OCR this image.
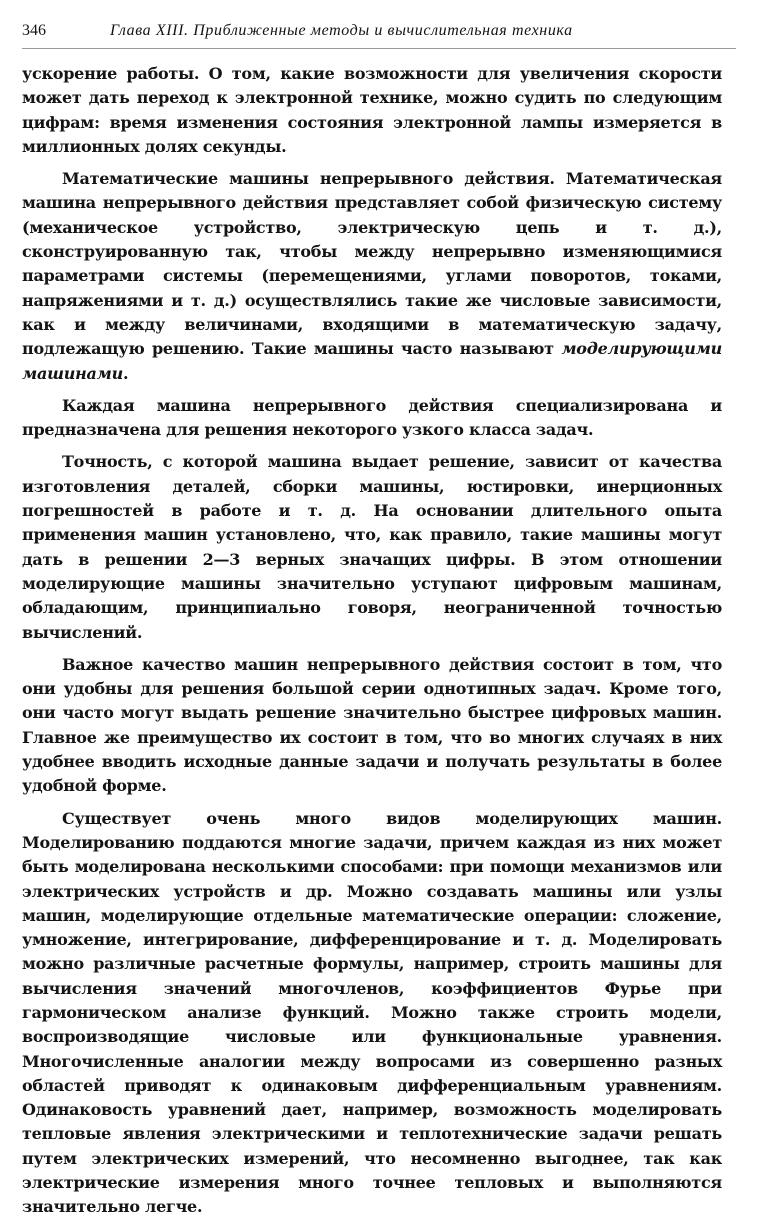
346	Глава XIII. Приближенные методы и вычислительная техника

ускорение работы. О том, какие возможности для увеличения скорости может дать переход к электронной технике, можно судить по следующим цифрам: время изменения состояния электронной лампы измеряется в миллионных долях секунды.

Математические машины непрерывного действия. Математическая машина непрерывного действия представляет собой физическую систему (механическое устройство, электрическую цепь и т. д.), сконструированную так, чтобы между непрерывно изменяющимися параметрами системы (перемещениями, углами поворотов, токами, напряжениями и т. д.) осуществлялись такие же числовые зависимости, как и между величинами, входящими в математическую задачу, подлежащую решению. Такие машины часто называют моделирующими машинами.

Каждая машина непрерывного действия специализирована и предназначена для решения некоторого узкого класса задач.

Точность, с которой машина выдает решение, зависит от качества изготовления деталей, сборки машины, юстировки, инерционных погрешностей в работе и т. д. На основании длительного опыта применения машин установлено, что, как правило, такие машины могут дать в решении 2—3 верных значащих цифры. В этом отношении моделирующие машины значительно уступают цифровым машинам, обладающим, принципиально говоря, неограниченной точностью вычислений.

Важное качество машин непрерывного действия состоит в том, что они удобны для решения большой серии однотипных задач. Кроме того, они часто могут выдать решение значительно быстрее цифровых машин. Главное же преимущество их состоит в том, что во многих случаях в них удобнее вводить исходные данные задачи и получать результаты в более удобной форме.

Существует очень много видов моделирующих машин. Моделированию поддаются многие задачи, причем каждая из них может быть моделирована несколькими способами: при помощи механизмов или электрических устройств и др. Можно создавать машины или узлы машин, моделирующие отдельные математические операции: сложение, умножение, интегрирование, дифференцирование и т. д. Моделировать можно различные расчетные формулы, например, строить машины для вычисления значений многочленов, коэффициентов Фурье при гармоническом анализе функций. Можно также строить модели, воспроизводящие числовые или функциональные уравнения. Многочисленные аналогии между вопросами из совершенно разных областей приводят к одинаковым дифференциальным уравнениям. Одинаковость уравнений дает, например, возможность моделировать тепловые явления электрическими и теплотехнические задачи решать путем электрических измерений, что несомненно выгоднее, так как электрические измерения много точнее тепловых и выполняются значительно легче.
